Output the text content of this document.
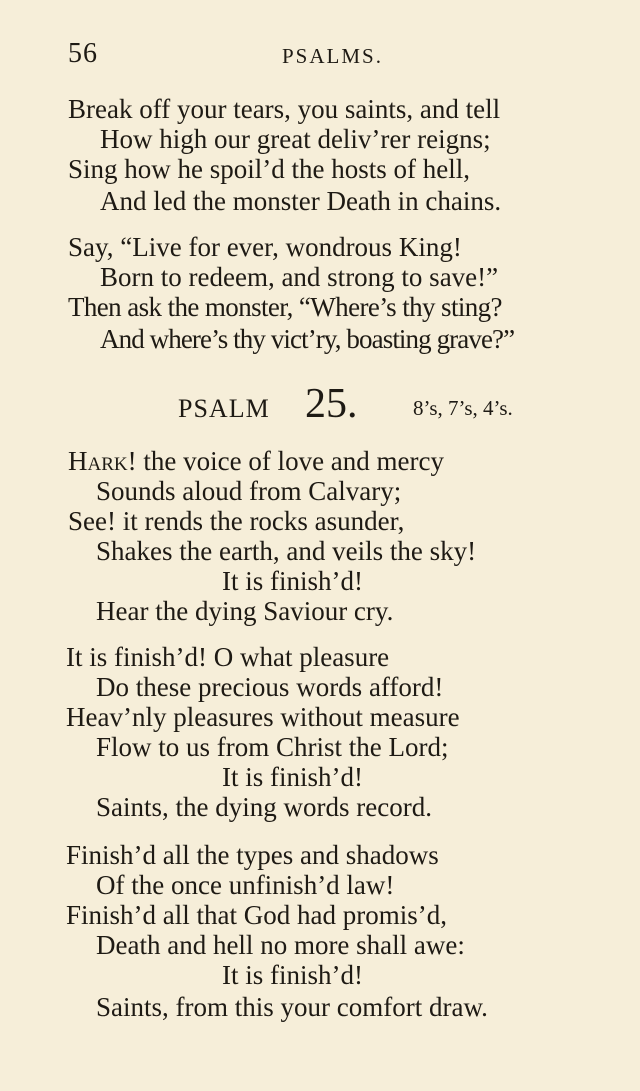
56	PSALMS.
Break off your tears, you saints, and tell
How high our great deliv’rer reigns;
Sing how he spoil’d the hosts of hell,
And led the monster Death in chains.
Say, “Live for ever, wondrous King!
Born to redeem, and strong to save!”
Then ask the monster, “Where’s thy sting?
And where’s thy vict’ry, boasting grave?”
PSALM 25.	8’s, 7’s, 4’s.
Hark! the voice of love and mercy
Sounds aloud from Calvary;
See! it rends the rocks asunder,
Shakes the earth, and veils the sky!
It is finish’d!
Hear the dying Saviour cry.
It is finish’d! O what pleasure
Do these precious words afford!
Heav’nly pleasures without measure
Flow to us from Christ the Lord;
It is finish’d!
Saints, the dying words record.
Finish’d all the types and shadows
Of the once unfinish’d law!
Finish’d all that God had promis’d,
Death and hell no more shall awe:
It is finish’d!
Saints, from this your comfort draw.
